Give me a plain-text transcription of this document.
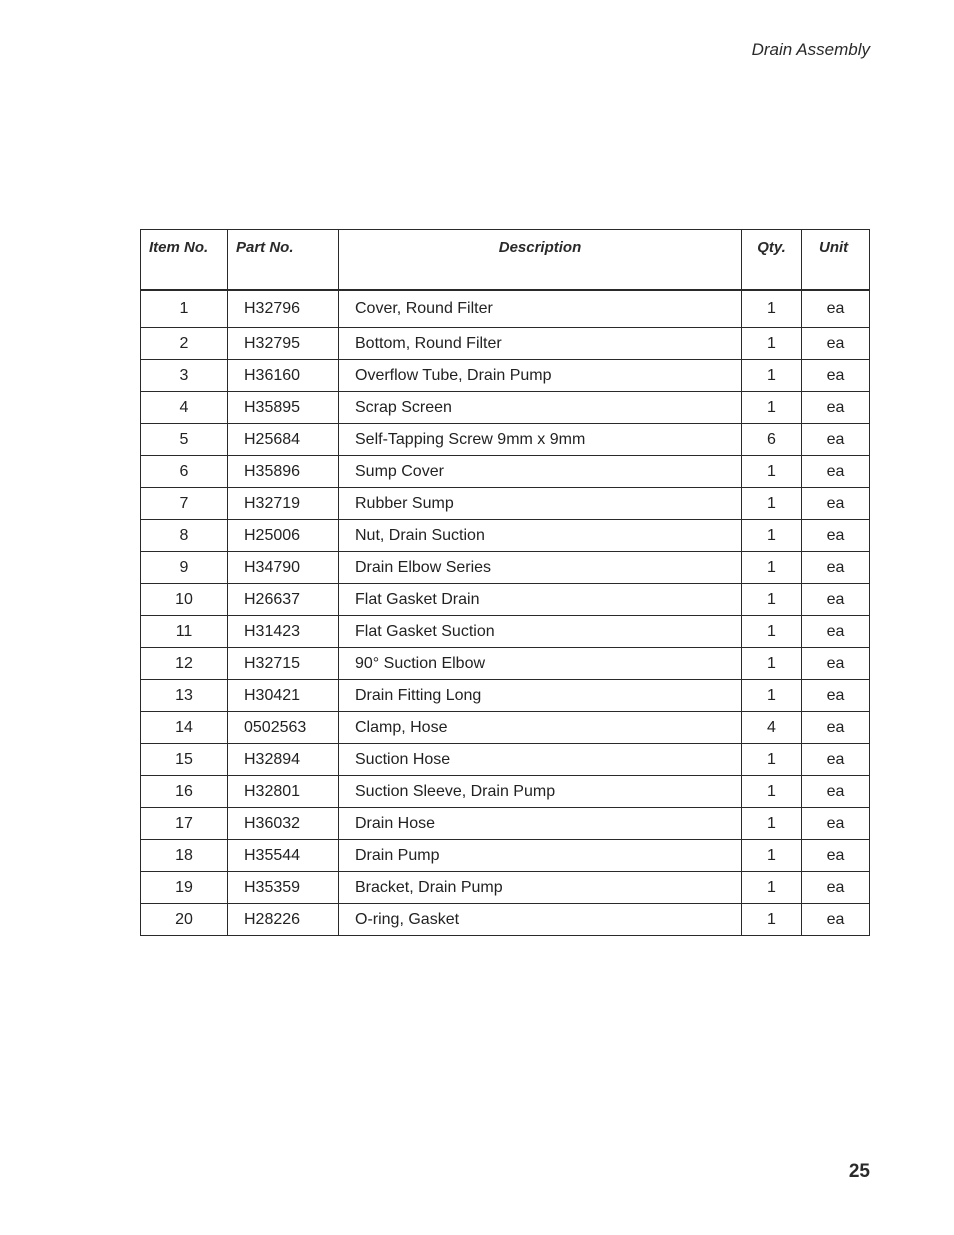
Drain Assembly
Item No.	Part No.	Description	Qty.	Unit
1	H32796	Cover, Round Filter	1	ea
2	H32795	Bottom, Round Filter	1	ea
3	H36160	Overflow Tube, Drain Pump	1	ea
4	H35895	Scrap Screen	1	ea
5	H25684	Self-Tapping Screw 9mm x 9mm	6	ea
6	H35896	Sump Cover	1	ea
7	H32719	Rubber Sump	1	ea
8	H25006	Nut, Drain Suction	1	ea
9	H34790	Drain Elbow Series	1	ea
10	H26637	Flat Gasket Drain	1	ea
11	H31423	Flat Gasket Suction	1	ea
12	H32715	90° Suction Elbow	1	ea
13	H30421	Drain Fitting Long	1	ea
14	0502563	Clamp, Hose	4	ea
15	H32894	Suction Hose	1	ea
16	H32801	Suction Sleeve, Drain Pump	1	ea
17	H36032	Drain Hose	1	ea
18	H35544	Drain Pump	1	ea
19	H35359	Bracket, Drain Pump	1	ea
20	H28226	O-ring, Gasket	1	ea
25
